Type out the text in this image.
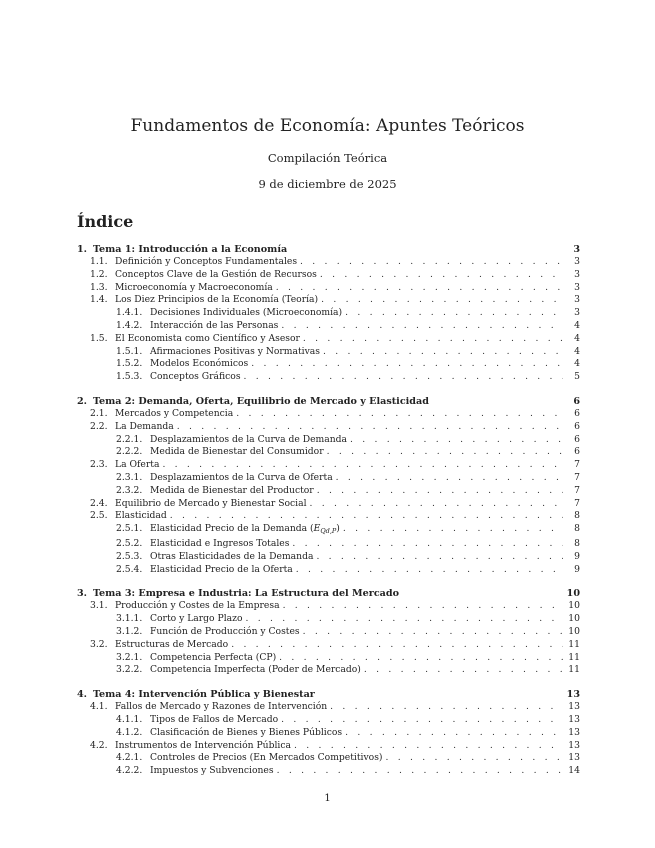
Fundamentos de Economía: Apuntes Teóricos

Compilación Teórica

9 de diciembre de 2025

Índice
1. Tema 1: Introducción a la Economía	3
1.1. Definición y Conceptos Fundamentales . . .	3
1.2. Conceptos Clave de la Gestión de Recursos . . .	3
1.3. Microeconomía y Macroeconomía . . .	3
1.4. Los Diez Principios de la Economía (Teoría) . . .	3
1.4.1. Decisiones Individuales (Microeconomía) . . .	3
1.4.2. Interacción de las Personas . . .	4
1.5. El Economista como Científico y Asesor . . .	4
1.5.1. Afirmaciones Positivas y Normativas . . .	4
1.5.2. Modelos Económicos . . .	4
1.5.3. Conceptos Gráficos . . .	5
2. Tema 2: Demanda, Oferta, Equilibrio de Mercado y Elasticidad	6
2.1. Mercados y Competencia . . .	6
2.2. La Demanda . . .	6
2.2.1. Desplazamientos de la Curva de Demanda . . .	6
2.2.2. Medida de Bienestar del Consumidor . . .	6
2.3. La Oferta . . .	7
2.3.1. Desplazamientos de la Curva de Oferta . . .	7
2.3.2. Medida de Bienestar del Productor . . .	7
2.4. Equilibrio de Mercado y Bienestar Social . . .	7
2.5. Elasticidad . . .	8
2.5.1. Elasticidad Precio de la Demanda $(E_{Qd,P})$ . . .	8
2.5.2. Elasticidad e Ingresos Totales . . .	8
2.5.3. Otras Elasticidades de la Demanda . . .	9
2.5.4. Elasticidad Precio de la Oferta . . .	9
3. Tema 3: Empresa e Industria: La Estructura del Mercado	10
3.1. Producción y Costes de la Empresa . . .	10
3.1.1. Corto y Largo Plazo . . .	10
3.1.2. Función de Producción y Costes . . .	10
3.2. Estructuras de Mercado . . .	11
3.2.1. Competencia Perfecta (CP) . . .	11
3.2.2. Competencia Imperfecta (Poder de Mercado) . . .	11
4. Tema 4: Intervención Pública y Bienestar	13
4.1. Fallos de Mercado y Razones de Intervención . . .	13
4.1.1. Tipos de Fallos de Mercado . . .	13
4.1.2. Clasificación de Bienes y Bienes Públicos . . .	13
4.2. Instrumentos de Intervención Pública . . .	13
4.2.1. Controles de Precios (En Mercados Competitivos) . . .	13
4.2.2. Impuestos y Subvenciones . . .	14
1
